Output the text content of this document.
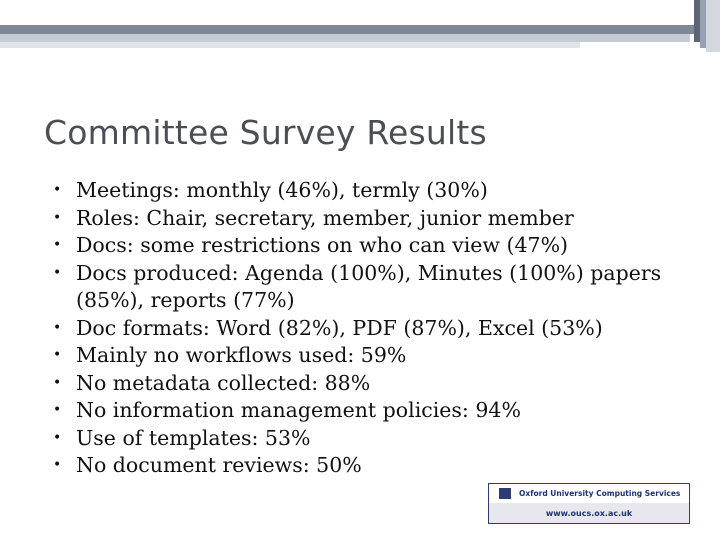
Committee Survey Results
• Meetings: monthly (46%), termly (30%)
• Roles: Chair, secretary, member, junior member
• Docs: some restrictions on who can view (47%)
• Docs produced: Agenda (100%), Minutes (100%) papers (85%), reports (77%)
• Doc formats: Word (82%), PDF (87%), Excel (53%)
• Mainly no workflows used: 59%
• No metadata collected: 88%
• No information management policies: 94%
• Use of templates: 53%
• No document reviews: 50%
Oxford University Computing Services
www.oucs.ox.ac.uk
